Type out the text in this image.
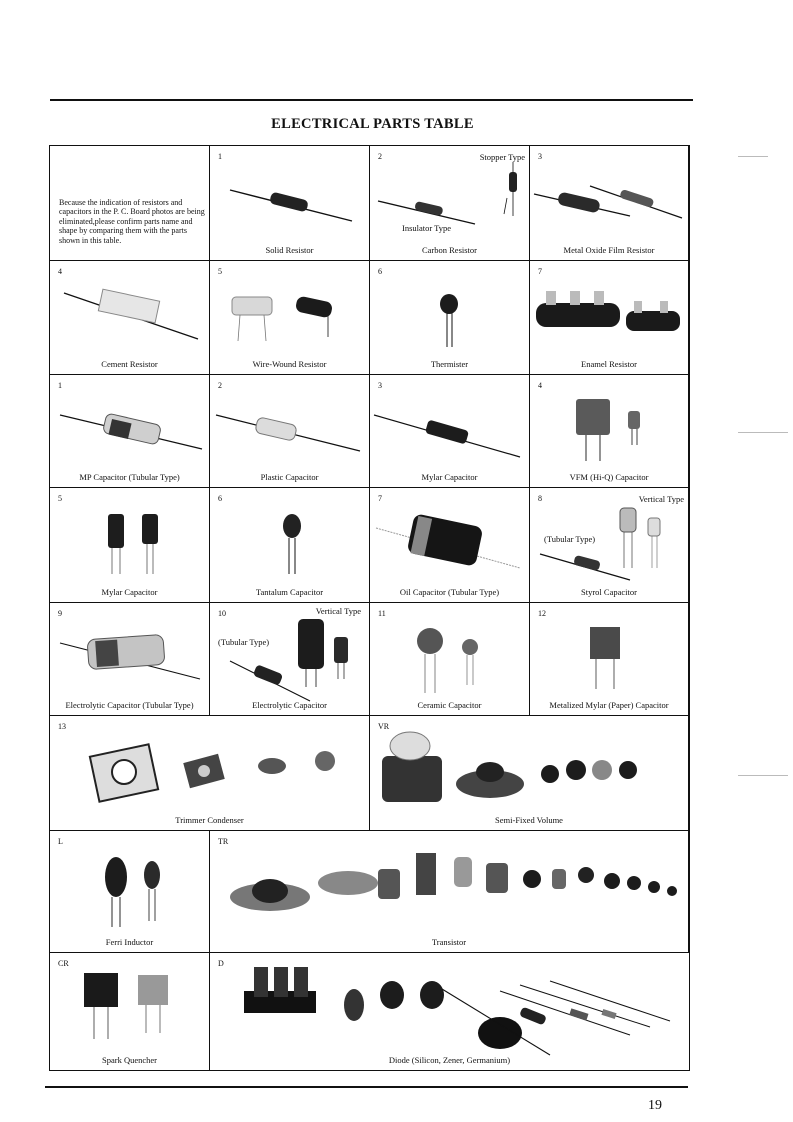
ELECTRICAL PARTS TABLE
Because the indication of resistors and capacitors in the P. C. Board photos are being eliminated,please confirm parts name and shape by comparing them with the parts shown in this table.
1
Solid Resistor
2	Stopper Type
Insulator Type
Carbon Resistor
3
Metal Oxide Film Resistor
4
Cement Resistor
5
Wire-Wound Resistor
6
Thermister
7
Enamel Resistor
1
MP Capacitor (Tubular Type)
2
Plastic Capacitor
3
Mylar Capacitor
4
VFM (Hi-Q) Capacitor
5
Mylar Capacitor
6
Tantalum Capacitor
7
Oil Capacitor (Tubular Type)
8	Vertical Type
(Tubular Type)
Styrol Capacitor
9
Electrolytic Capacitor (Tubular Type)
10	Vertical Type
(Tubular Type)
Electrolytic Capacitor
11
Ceramic Capacitor
12
Metalized Mylar (Paper) Capacitor
13
Trimmer Condenser
VR
Semi-Fixed Volume
L
Ferri Inductor
TR
Transistor
CR
Spark Quencher
D
Diode (Silicon, Zener, Germanium)
19
